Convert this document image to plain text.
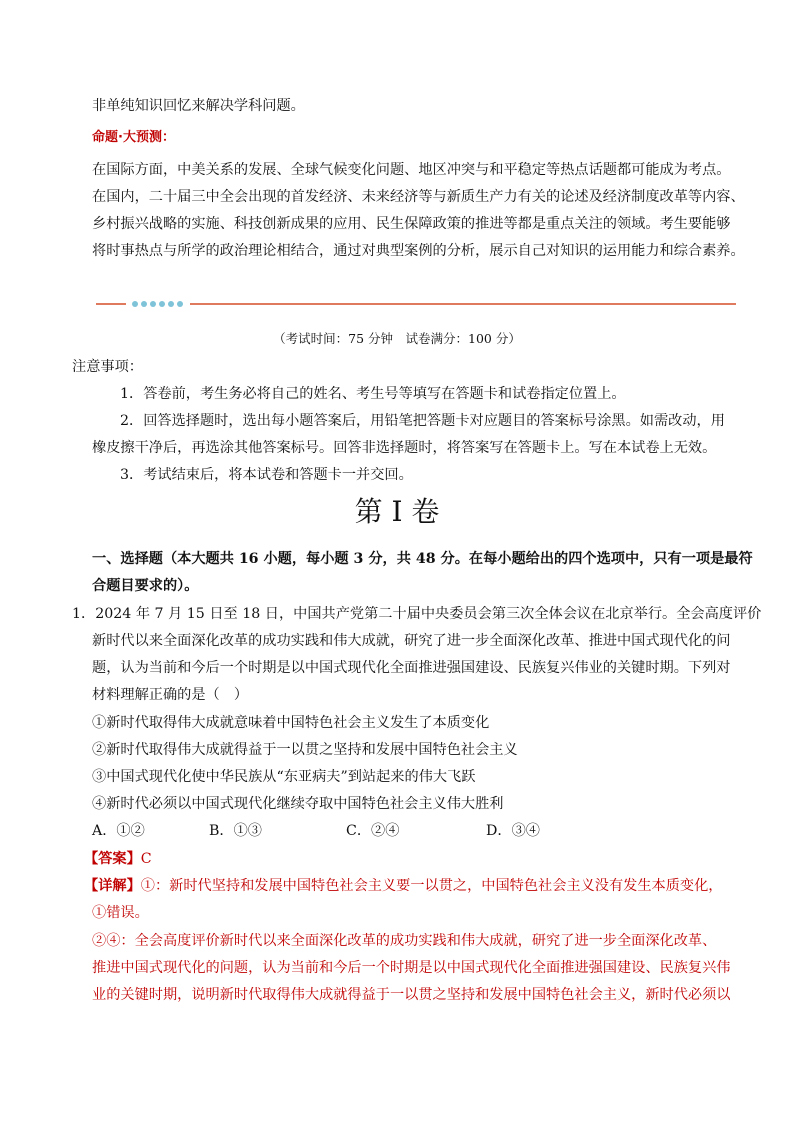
非单纯知识回忆来解决学科问题。
命题·大预测：
在国际方面，中美关系的发展、全球气候变化问题、地区冲突与和平稳定等热点话题都可能成为考点。
在国内，二十届三中全会出现的首发经济、未来经济等与新质生产力有关的论述及经济制度改革等内容、
乡村振兴战略的实施、科技创新成果的应用、民生保障政策的推进等都是重点关注的领域。考生要能够
将时事热点与所学的政治理论相结合，通过对典型案例的分析，展示自己对知识的运用能力和综合素养。
（考试时间：75 分钟　试卷满分：100 分）
注意事项：
1．答卷前，考生务必将自己的姓名、考生号等填写在答题卡和试卷指定位置上。
2．回答选择题时，选出每小题答案后，用铅笔把答题卡对应题目的答案标号涂黑。如需改动，用
橡皮擦干净后，再选涂其他答案标号。回答非选择题时，将答案写在答题卡上。写在本试卷上无效。
3．考试结束后，将本试卷和答题卡一并交回。
第 I 卷
一、选择题（本大题共 16 小题，每小题 3 分，共 48 分。在每小题给出的四个选项中，只有一项是最符
合题目要求的）。
1．2024 年 7 月 15 日至 18 日，中国共产党第二十届中央委员会第三次全体会议在北京举行。全会高度评价
新时代以来全面深化改革的成功实践和伟大成就，研究了进一步全面深化改革、推进中国式现代化的问
题，认为当前和今后一个时期是以中国式现代化全面推进强国建设、民族复兴伟业的关键时期。下列对
材料理解正确的是（　）
①新时代取得伟大成就意味着中国特色社会主义发生了本质变化
②新时代取得伟大成就得益于一以贯之坚持和发展中国特色社会主义
③中国式现代化使中华民族从“东亚病夫”到站起来的伟大飞跃
④新时代必须以中国式现代化继续夺取中国特色社会主义伟大胜利
A．①②	B．①③	C．②④	D．③④
【答案】C
【详解】①：新时代坚持和发展中国特色社会主义要一以贯之，中国特色社会主义没有发生本质变化，
①错误。
②④：全会高度评价新时代以来全面深化改革的成功实践和伟大成就，研究了进一步全面深化改革、
推进中国式现代化的问题，认为当前和今后一个时期是以中国式现代化全面推进强国建设、民族复兴伟
业的关键时期，说明新时代取得伟大成就得益于一以贯之坚持和发展中国特色社会主义，新时代必须以
